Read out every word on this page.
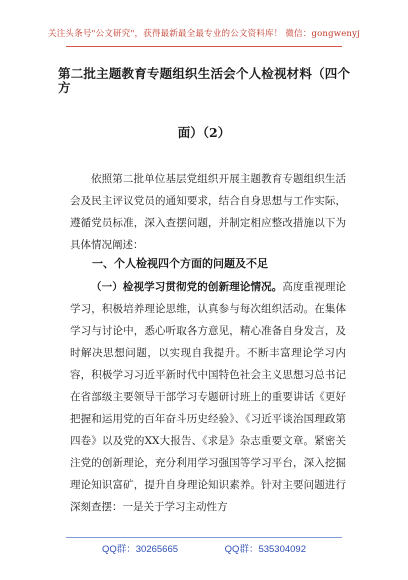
关注头条号"公文研究"，获得最新最全最专业的公文资料库！ 微信：gongwenyj
第二批主题教育专题组织生活会个人检视材料（四个方
面）（2）
依照第二批单位基层党组织开展主题教育专题组织生活会及民主评议党员的通知要求，结合自身思想与工作实际，遵循党员标准，深入查摆问题，并制定相应整改措施以下为具体情况阐述：
一、个人检视四个方面的问题及不足
（一）检视学习贯彻党的创新理论情况。高度重视理论学习，积极培养理论思维，认真参与每次组织活动。在集体学习与讨论中，悉心听取各方意见，精心准备自身发言，及时解决思想问题，以实现自我提升。不断丰富理论学习内容，积极学习习近平新时代中国特色社会主义思想习总书记在省部级主要领导干部学习专题研讨班上的重要讲话《更好把握和运用党的百年奋斗历史经验》、《习近平谈治国理政第四卷》以及党的XX大报告、《求是》杂志重要文章。紧密关注党的创新理论，充分利用学习强国等学习平台，深入挖掘理论知识富矿，提升自身理论知识素养。针对主要问题进行深刻查摆：一是关于学习主动性方
QQ群：30265665	QQ群：535304092
